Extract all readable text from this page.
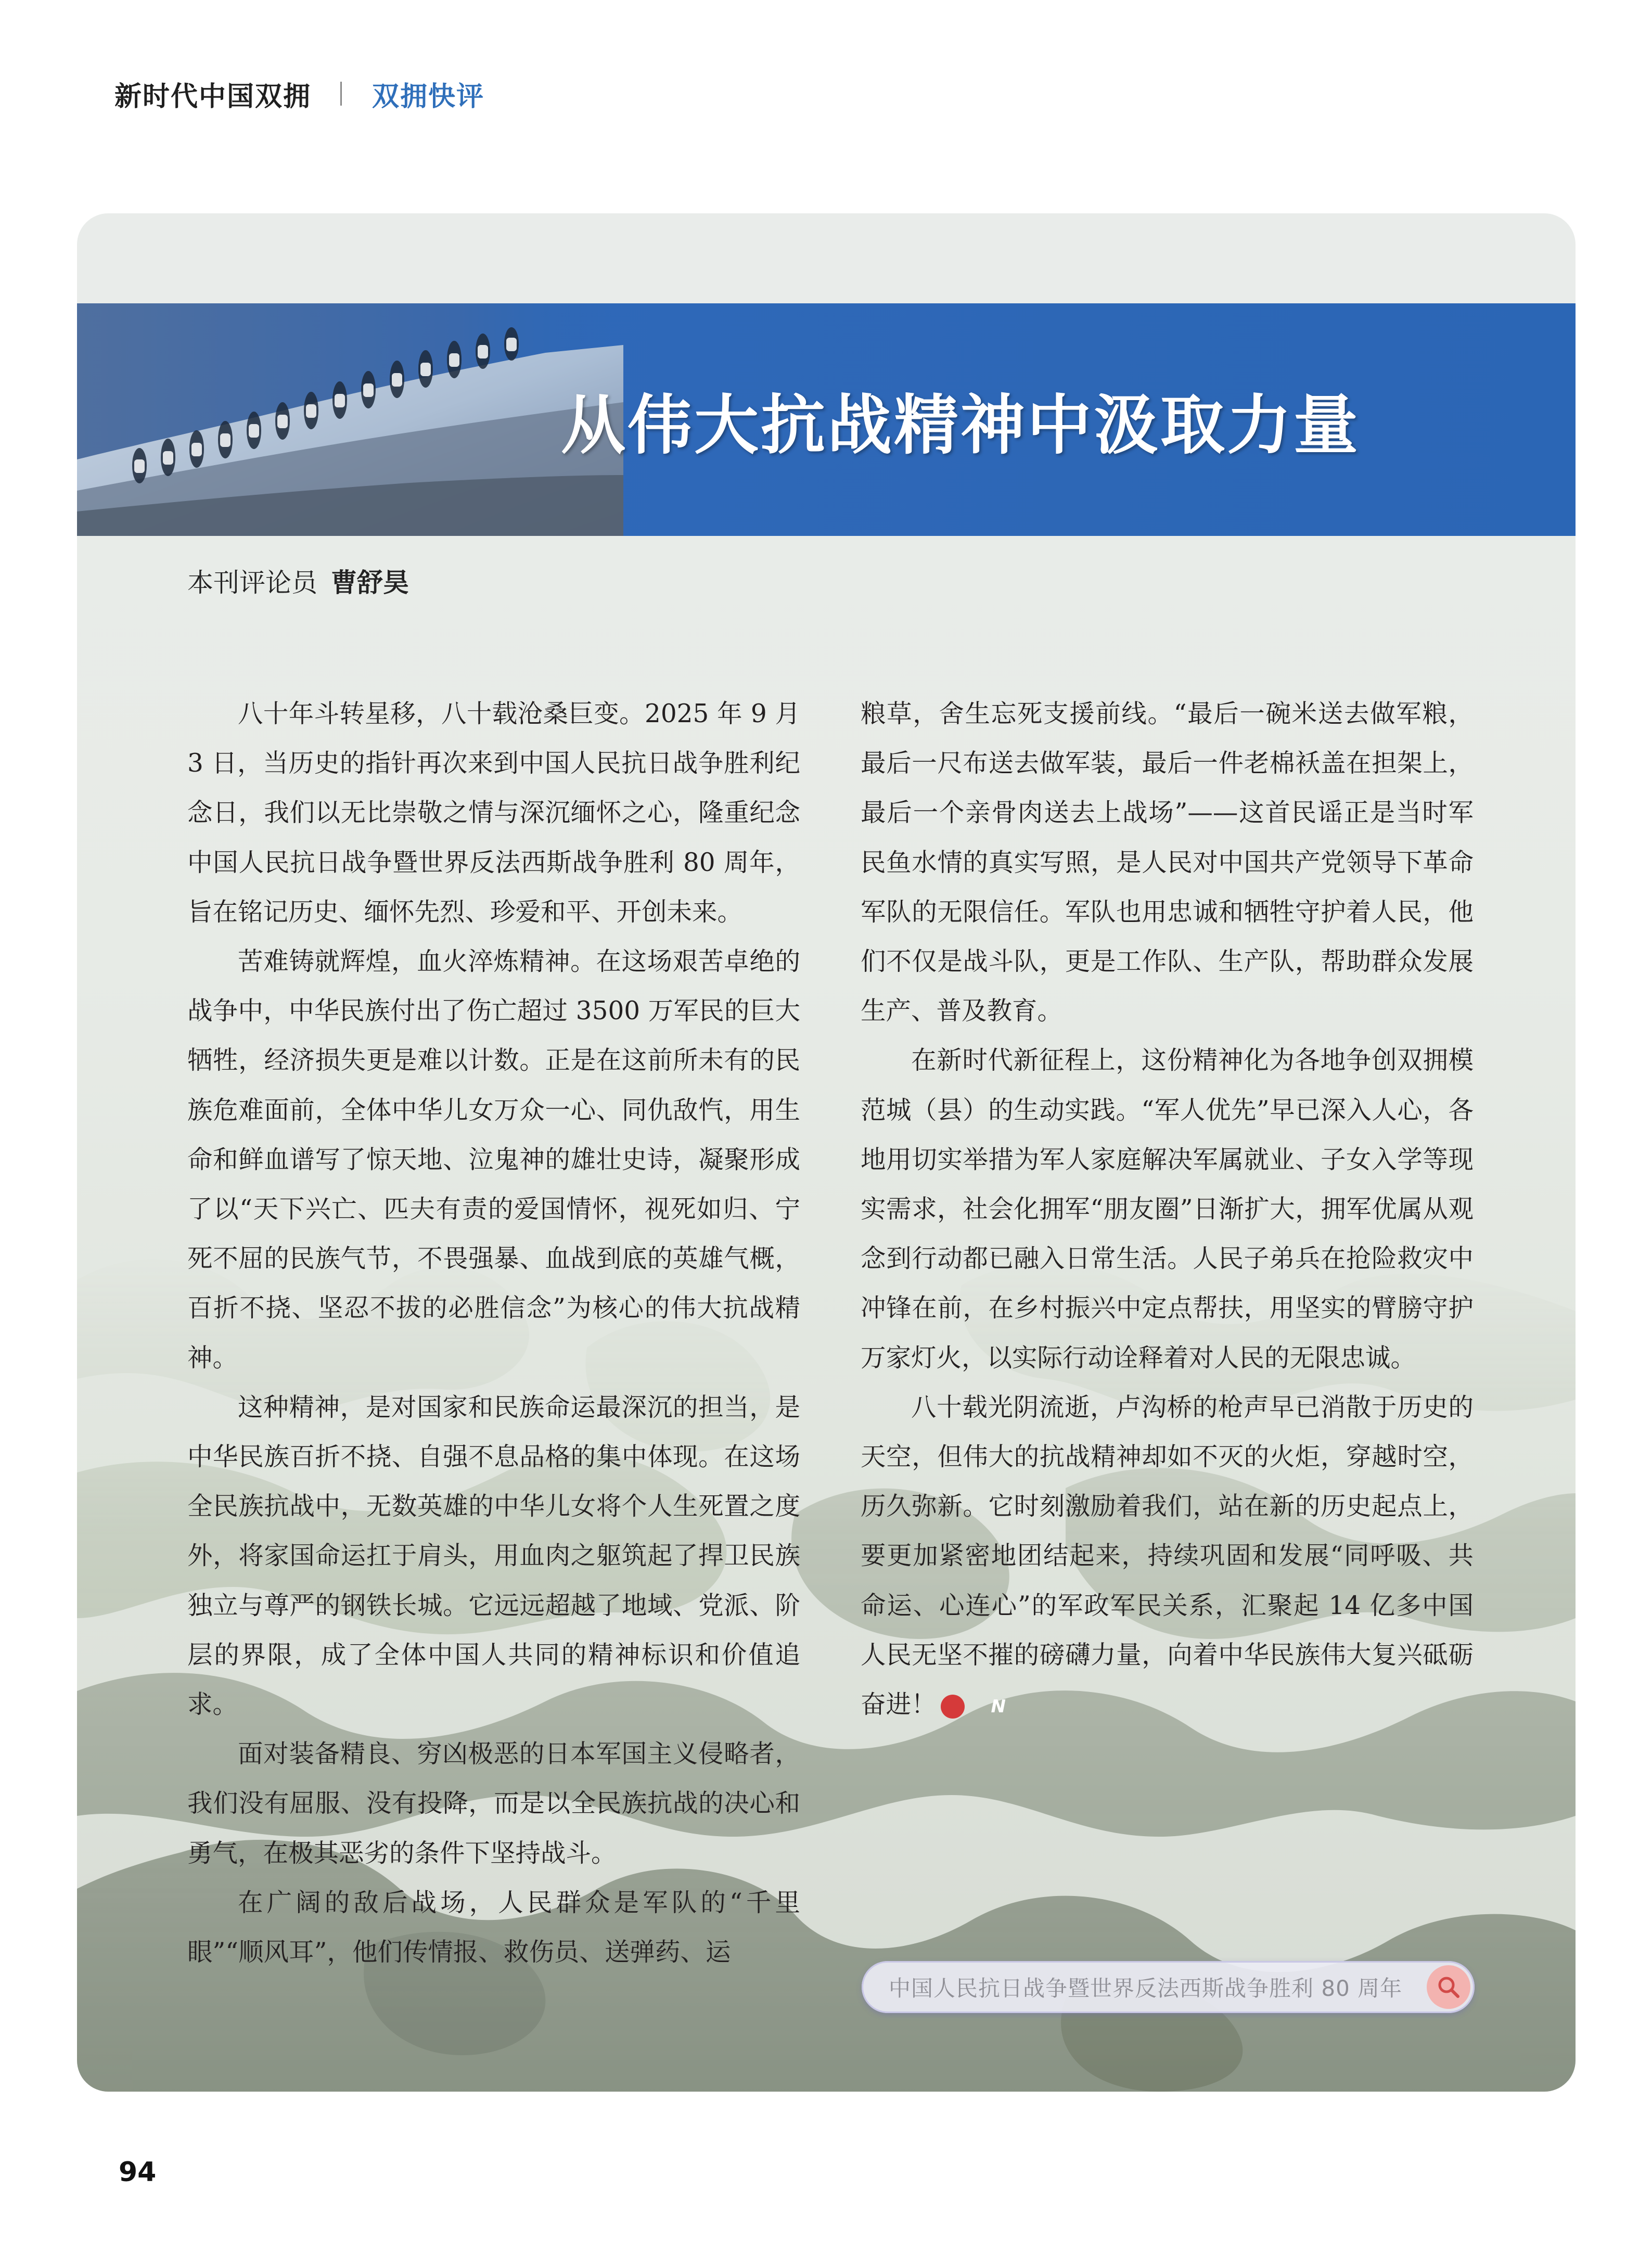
新时代中国双拥 双拥快评
从伟大抗战精神中汲取力量
本刊评论员 曹舒昊

八十年斗转星移，八十载沧桑巨变。2025 年 9 月 3 日，当历史的指针再次来到中国人民抗日战争胜利纪念日，我们以无比崇敬之情与深沉缅怀之心，隆重纪念中国人民抗日战争暨世界反法西斯战争胜利 80 周年，旨在铭记历史、缅怀先烈、珍爱和平、开创未来。

苦难铸就辉煌，血火淬炼精神。在这场艰苦卓绝的战争中，中华民族付出了伤亡超过 3500 万军民的巨大牺牲，经济损失更是难以计数。正是在这前所未有的民族危难面前，全体中华儿女万众一心、同仇敌忾，用生命和鲜血谱写了惊天地、泣鬼神的雄壮史诗，凝聚形成了以“天下兴亡、匹夫有责的爱国情怀，视死如归、宁死不屈的民族气节，不畏强暴、血战到底的英雄气概，百折不挠、坚忍不拔的必胜信念”为核心的伟大抗战精神。

这种精神，是对国家和民族命运最深沉的担当，是中华民族百折不挠、自强不息品格的集中体现。在这场全民族抗战中，无数英雄的中华儿女将个人生死置之度外，将家国命运扛于肩头，用血肉之躯筑起了捍卫民族独立与尊严的钢铁长城。它远远超越了地域、党派、阶层的界限，成了全体中国人共同的精神标识和价值追求。

面对装备精良、穷凶极恶的日本军国主义侵略者，我们没有屈服、没有投降，而是以全民族抗战的决心和勇气，在极其恶劣的条件下坚持战斗。

在广阔的敌后战场，人民群众是军队的“千里眼”“顺风耳”，他们传情报、救伤员、送弹药、运

粮草，舍生忘死支援前线。“最后一碗米送去做军粮，最后一尺布送去做军装，最后一件老棉袄盖在担架上，最后一个亲骨肉送去上战场”——这首民谣正是当时军民鱼水情的真实写照，是人民对中国共产党领导下革命军队的无限信任。军队也用忠诚和牺牲守护着人民，他们不仅是战斗队，更是工作队、生产队，帮助群众发展生产、普及教育。

在新时代新征程上，这份精神化为各地争创双拥模范城（县）的生动实践。“军人优先”早已深入人心，各地用切实举措为军人家庭解决军属就业、子女入学等现实需求，社会化拥军“朋友圈”日渐扩大，拥军优属从观念到行动都已融入日常生活。人民子弟兵在抢险救灾中冲锋在前，在乡村振兴中定点帮扶，用坚实的臂膀守护万家灯火，以实际行动诠释着对人民的无限忠诚。

八十载光阴流逝，卢沟桥的枪声早已消散于历史的天空，但伟大的抗战精神却如不灭的火炬，穿越时空，历久弥新。它时刻激励着我们，站在新的历史起点上，要更加紧密地团结起来，持续巩固和发展“同呼吸、共命运、心连心”的军政军民关系，汇聚起 14 亿多中国人民无坚不摧的磅礴力量，向着中华民族伟大复兴砥砺奋进！	N

中国人民抗日战争暨世界反法西斯战争胜利 80 周年
94
